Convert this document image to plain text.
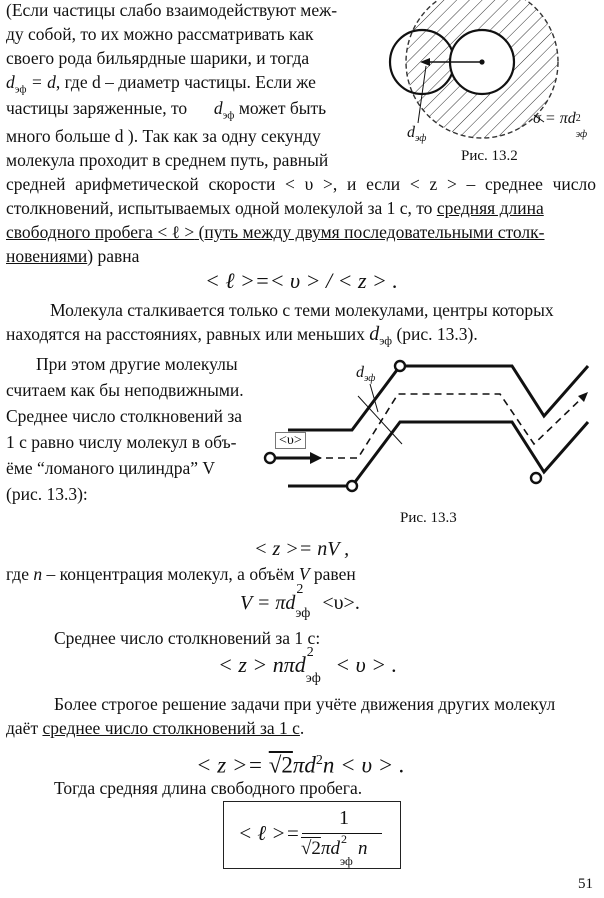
(Если частицы слабо взаимодействуют меж-
ду собой, то их можно рассматривать как
своего рода бильярдные шарики, и тогда
$d_{эф} = d$, где d – диаметр частицы. Если же
частицы заряженные, то $d_{эф}$ может быть
много больше d ). Так как за одну секунду
молекула проходит в среднем путь, равный
$d_{эф}$
σ = πd 2
эф
Рис. 13.2
средней арифметической скорости < υ >, и если < z > – среднее число
столкновений, испытываемых одной молекулой за 1 с, то средняя длина
свободного пробега < ℓ > (путь между двумя последовательными столк-
новениями) равна
< ℓ >=< υ > / < z > .
Молекула сталкивается только с теми молекулами, центры которых
находятся на расстояниях, равных или меньших $d_{эф}$ (рис. 13.3).
При этом другие молекулы
считаем как бы неподвижными.
Среднее число столкновений за
1 с равно числу молекул в объ-
ёме “ломаного цилиндра” V
(рис. 13.3):
$d_{эф}$
<υ>
Рис. 13.3
< z >= nV ,
где n – концентрация молекул, а объём V равен
V = πd
2
эф <υ>.
Среднее число столкновений за 1 с:
< z > nπd 2
эф
< υ > .
Более строгое решение задачи при учёте движения других молекул
даёт среднее число столкновений за 1 с.
< $z >= √2\pi d^2n < \upsilon$ > .
Тогда средняя длина свободного пробега.
< ℓ >=
1
√2πd 2
эф
n
51
